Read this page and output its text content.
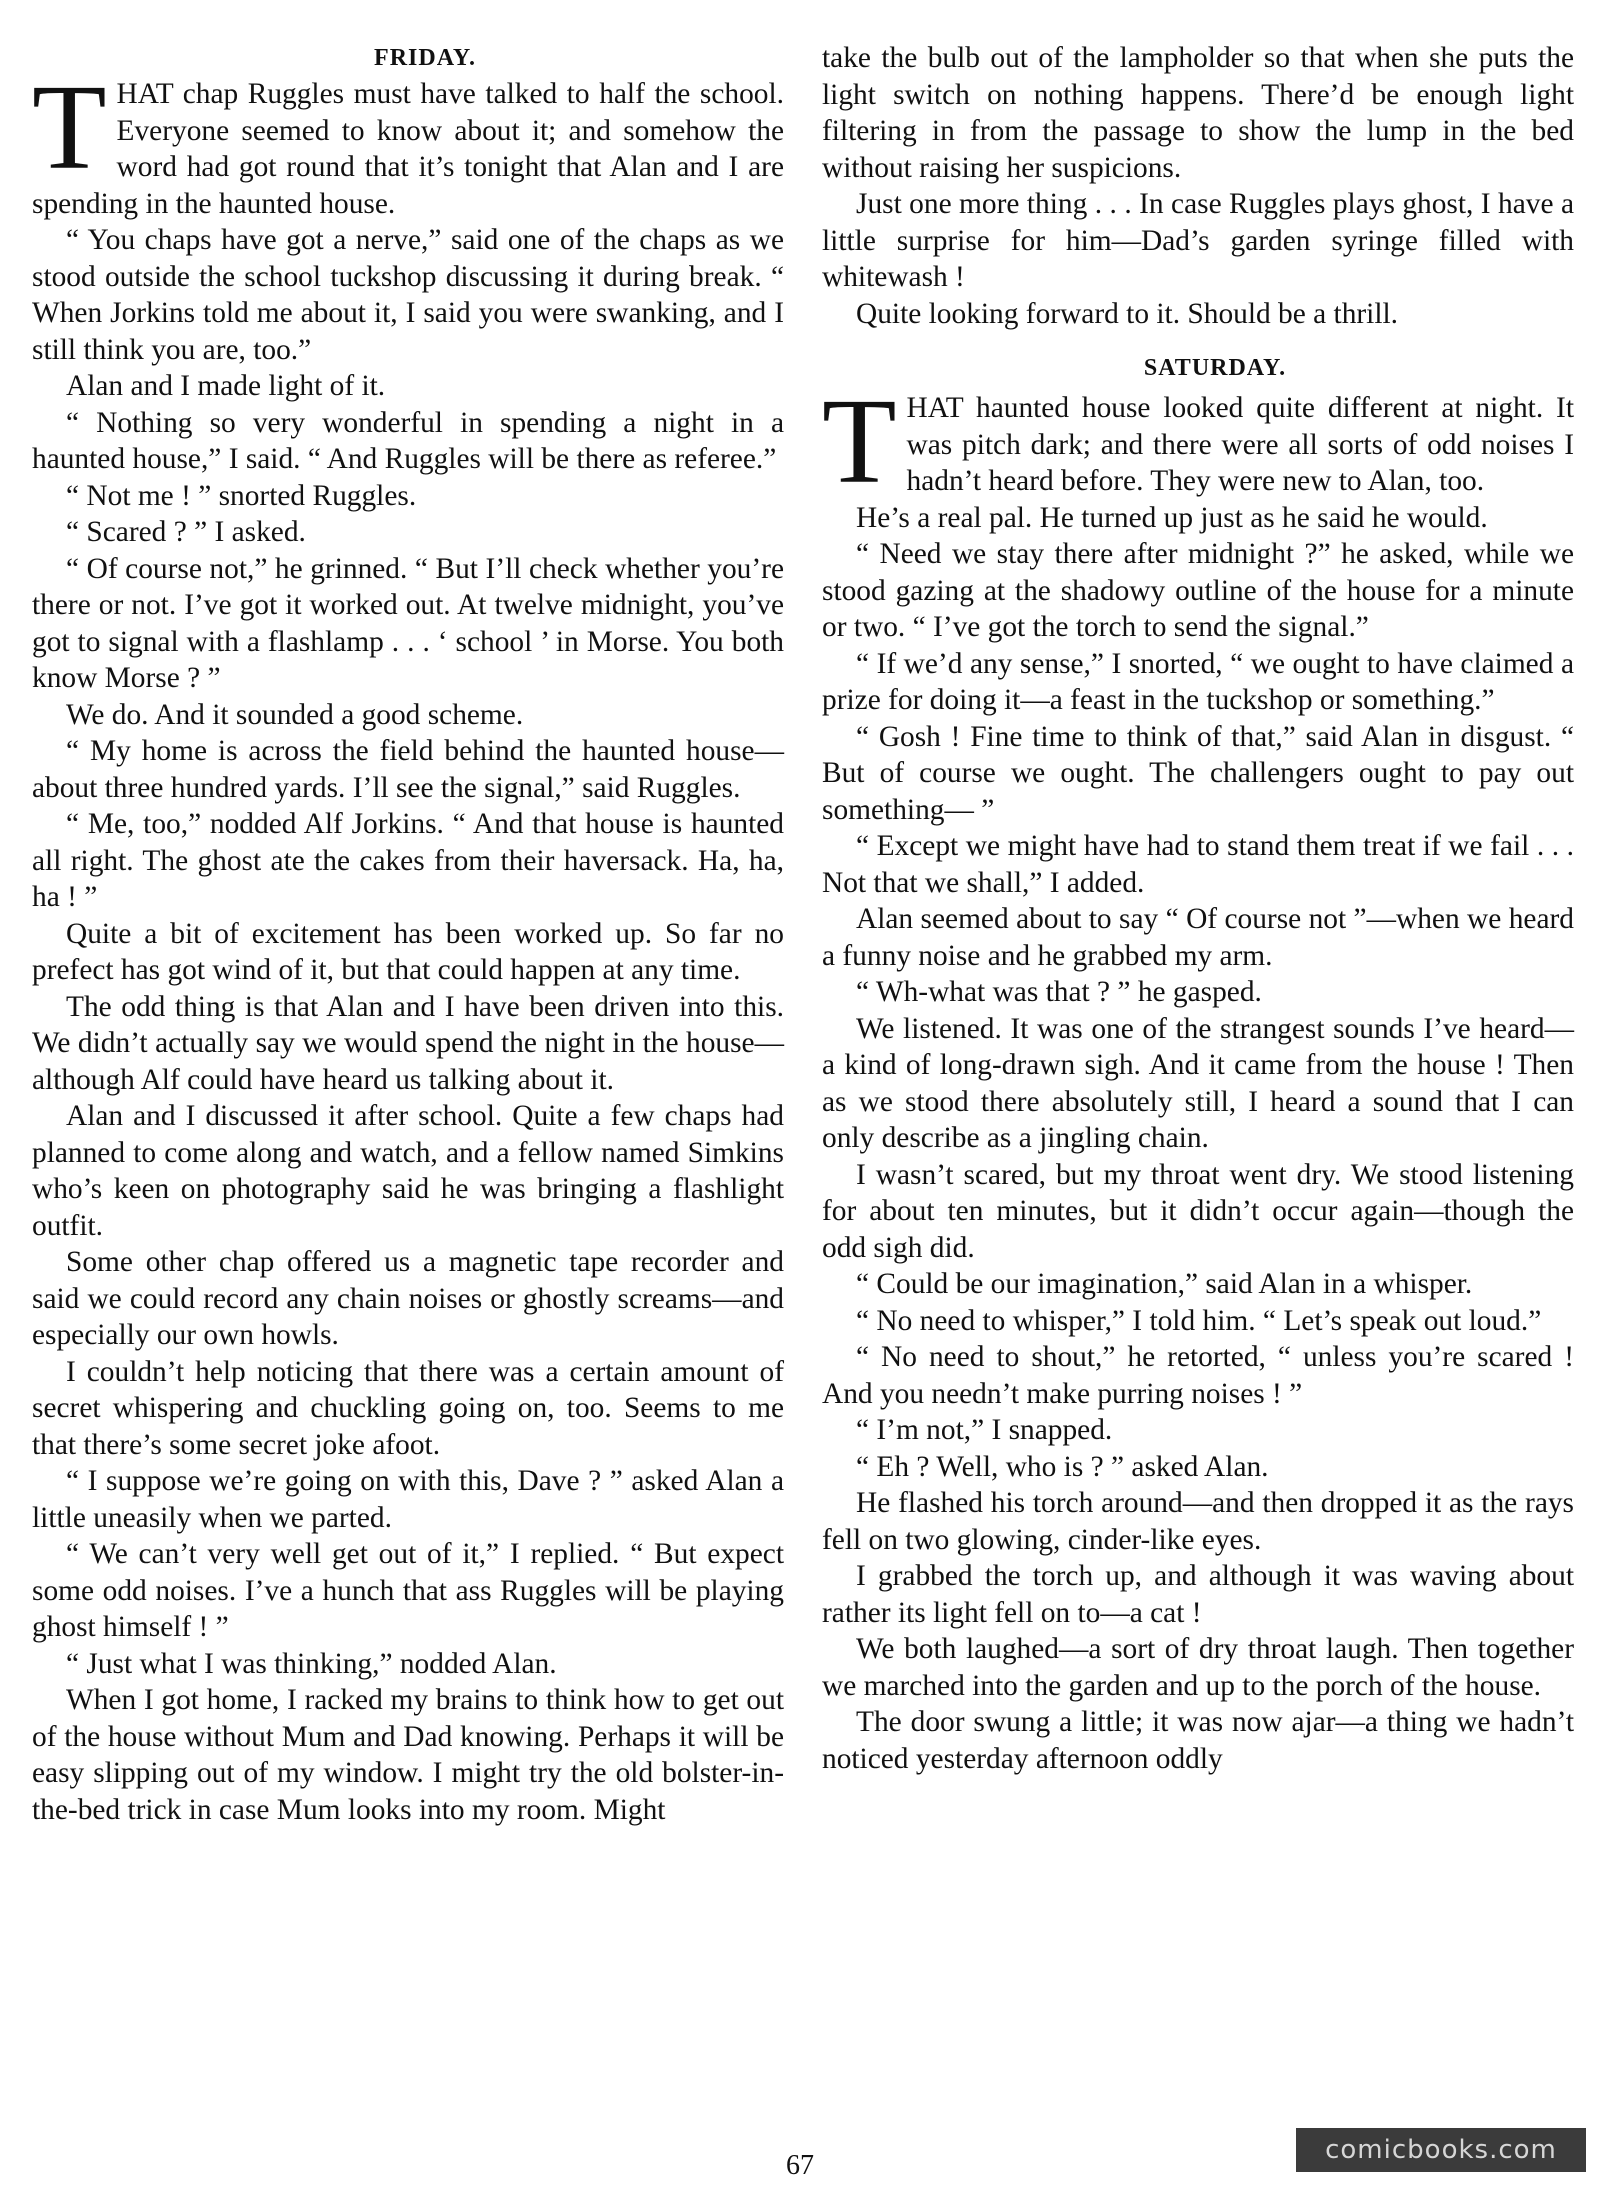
FRIDAY.

THAT chap Ruggles must have talked to half the school. Everyone seemed to know about it; and somehow the word had got round that it’s tonight that Alan and I are spending in the haunted house.

“ You chaps have got a nerve,” said one of the chaps as we stood outside the school tuckshop discussing it during break. “ When Jorkins told me about it, I said you were swanking, and I still think you are, too.”

Alan and I made light of it.

“ Nothing so very wonderful in spending a night in a haunted house,” I said. “ And Ruggles will be there as referee.”

“ Not me ! ” snorted Ruggles.

“ Scared ? ” I asked.

“ Of course not,” he grinned. “ But I’ll check whether you’re there or not. I’ve got it worked out. At twelve midnight, you’ve got to signal with a flashlamp . . . ‘ school ’ in Morse. You both know Morse ? ”

We do. And it sounded a good scheme.

“ My home is across the field behind the haunted house—about three hundred yards. I’ll see the signal,” said Ruggles.

“ Me, too,” nodded Alf Jorkins. “ And that house is haunted all right. The ghost ate the cakes from their haversack. Ha, ha, ha ! ”

Quite a bit of excitement has been worked up. So far no prefect has got wind of it, but that could happen at any time.

The odd thing is that Alan and I have been driven into this. We didn’t actually say we would spend the night in the house—although Alf could have heard us talking about it.

Alan and I discussed it after school. Quite a few chaps had planned to come along and watch, and a fellow named Simkins who’s keen on photography said he was bringing a flashlight outfit.

Some other chap offered us a magnetic tape recorder and said we could record any chain noises or ghostly screams—and especially our own howls.

I couldn’t help noticing that there was a certain amount of secret whispering and chuckling going on, too. Seems to me that there’s some secret joke afoot.

“ I suppose we’re going on with this, Dave ? ” asked Alan a little uneasily when we parted.

“ We can’t very well get out of it,” I replied. “ But expect some odd noises. I’ve a hunch that ass Ruggles will be playing ghost himself ! ”

“ Just what I was thinking,” nodded Alan.

When I got home, I racked my brains to think how to get out of the house without Mum and Dad knowing. Perhaps it will be easy slipping out of my window. I might try the old bolster-in-the-bed trick in case Mum looks into my room. Might

take the bulb out of the lampholder so that when she puts the light switch on nothing happens. There’d be enough light filtering in from the passage to show the lump in the bed without raising her suspicions.

Just one more thing . . . In case Ruggles plays ghost, I have a little surprise for him—Dad’s garden syringe filled with whitewash !

Quite looking forward to it. Should be a thrill.

SATURDAY.

THAT haunted house looked quite different at night. It was pitch dark; and there were all sorts of odd noises I hadn’t heard before. They were new to Alan, too.

He’s a real pal. He turned up just as he said he would.

“ Need we stay there after midnight ?” he asked, while we stood gazing at the shadowy outline of the house for a minute or two. “ I’ve got the torch to send the signal.”

“ If we’d any sense,” I snorted, “ we ought to have claimed a prize for doing it—a feast in the tuckshop or something.”

“ Gosh ! Fine time to think of that,” said Alan in disgust. “ But of course we ought. The challengers ought to pay out something— ”

“ Except we might have had to stand them treat if we fail . . . Not that we shall,” I added.

Alan seemed about to say “ Of course not ”—when we heard a funny noise and he grabbed my arm.

“ Wh-what was that ? ” he gasped.

We listened. It was one of the strangest sounds I’ve heard—a kind of long-drawn sigh. And it came from the house ! Then as we stood there absolutely still, I heard a sound that I can only describe as a jingling chain.

I wasn’t scared, but my throat went dry. We stood listening for about ten minutes, but it didn’t occur again—though the odd sigh did.

“ Could be our imagination,” said Alan in a whisper.

“ No need to whisper,” I told him. “ Let’s speak out loud.”

“ No need to shout,” he retorted, “ unless you’re scared ! And you needn’t make purring noises ! ”

“ I’m not,” I snapped.

“ Eh ? Well, who is ? ” asked Alan.

He flashed his torch around—and then dropped it as the rays fell on two glowing, cinder-like eyes.

I grabbed the torch up, and although it was waving about rather its light fell on to—a cat !

We both laughed—a sort of dry throat laugh. Then together we marched into the garden and up to the porch of the house.

The door swung a little; it was now ajar—a thing we hadn’t noticed yesterday afternoon oddly

comicbooks.com
67
